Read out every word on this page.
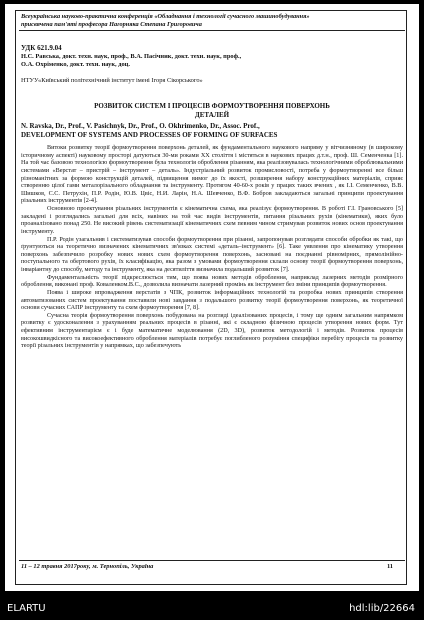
Всеукраїнська науково-практична конференція «Обладнання і технології сучасного машинобудування»
присвячена пам'яті професора Нагорняка Степана Григоровича
УДК 621.9.04
Н.С. Равська, докт. техн. наук, проф., В.А. Пасічник, докт. техн. наук, проф.,
О.А. Охріменко, докт. техн. наук, доц.
НТУУ«Київський політехнічний інститут імені Ігоря Сікорського»
РОЗВИТОК СИСТЕМ І ПРОЦЕСІВ ФОРМОУТВОРЕННЯ ПОВЕРХОНЬ
ДЕТАЛЕЙ
N. Ravska, Dr., Prof., V. Pasichnyk, Dr., Prof., O. Okhrimenko, Dr., Assoc. Prof.,
DEVELOPMENT OF SYSTEMS AND PROCESSES OF FORMING OF SURFACES

Витоки розвитку теорії формоутворення поверхонь деталей, як фундаментального наукового напряму у вітчизняному (в широкому історичному аспекті) науковому просторі датуються 30-ми роками ХХ століття і містяться в наукових працях д.т.н., проф. Ш. Семенченка [1]. На той час базовою технологією формоутворення була технологія оброблення різанням, яка реалізовувалась технологічними оброблювальними системами «Верстат – пристрій – інструмент – деталь». Індустріальний розвиток промисловості, потреба у формоутворенні все більш різноманітних за формою конструкцій деталей, підвищення вимог до їх якості, розширення набору конструкційних матеріалів, сприяє створенню цілої гами металорізального обладнання та інструменту. Протягом 40-60-х років у працях таких вчених , як І.І. Семенченко, В.В. Шишков, С.С. Петрухін, П.Р. Родін, Ю.В. Цвіс, Н.И. Ларін, Н.А. Шевченко, В.Ф. Бобров закладаються загальні принципи проектування різальних інструментів [2-4].

Основною проектування різальних інструментів є кінематична схема, яка реалізує формоутворення. В роботі Г.І. Грановського [5] закладені і розглядались загальні для всіх, навіних на той час видів інструментів, питання різальних рухів (кінематики), яких було проаналізовано понад 250. Не високий рівень систематизації кінематичних схем певним чином стримував розвиток нових основ проектування інструменту.

П.Р. Родін узагальнив і систематизував способи формоутворення при різанні, запропонував розглядати способи обробки як такі, що ґрунтуються на теоретично визначених кінематичних зв'язках системі «деталь–інструмент» [6]. Таке уявлення про кінематику утворення поверхонь забезпечило розробку нових нових схем формоутворення поверхонь, засновані на поєднанні рівномірних, прямолінійно-поступального та обертового рухів, їх класифікацію, яка разом з умовами формоутворення склали основу теорії формоутворення поверхонь, інваріантну до способу, методу та інструменту, яка на десятиліття визначила подальший розвиток [7].

Фундаментальність теорії підкреслюється тим, що поява нових методів оброблення, наприклад лазерних методів розмірного оброблення, виконані проф. Коваленком.В.С., дозволила визначати лазерний промінь як інструмент без зміни принципів формоутворення.

Поява і широке впровадження верстатів з ЧПК, розвиток інформаційних технологій та розробка нових принципів створення автоматизованих систем проектування поставили нові завдання з подальшого розвитку теорії формоутворення поверхонь, як теоретичної основи сучасних САПР інструменту та схем формоутворення [7, 8].

Сучасна теорія формоутворення поверхонь побудована на розгляді ідеалізованих процесів, і тому ще одним загальним напрямком розвитку є удосконалення з урахуванням реальних процесів в різанні, які є складною фізичною процесів утворення нових форм. Тут ефективним інструментарієм є і буде математичне моделювання (2D, 3D), розвиток методологій і методів. Розвиток процесів високошвидкісного та високоефективного оброблення матеріалів потребує поглибленого розуміння специфіки перебігу процесів та розвитку теорії різальних інструментів у напрямках, що забезпечують

11 – 12 травня 2017року, м. Тернопіль, Україна	11
ELARTU	hdl:lib/22664
